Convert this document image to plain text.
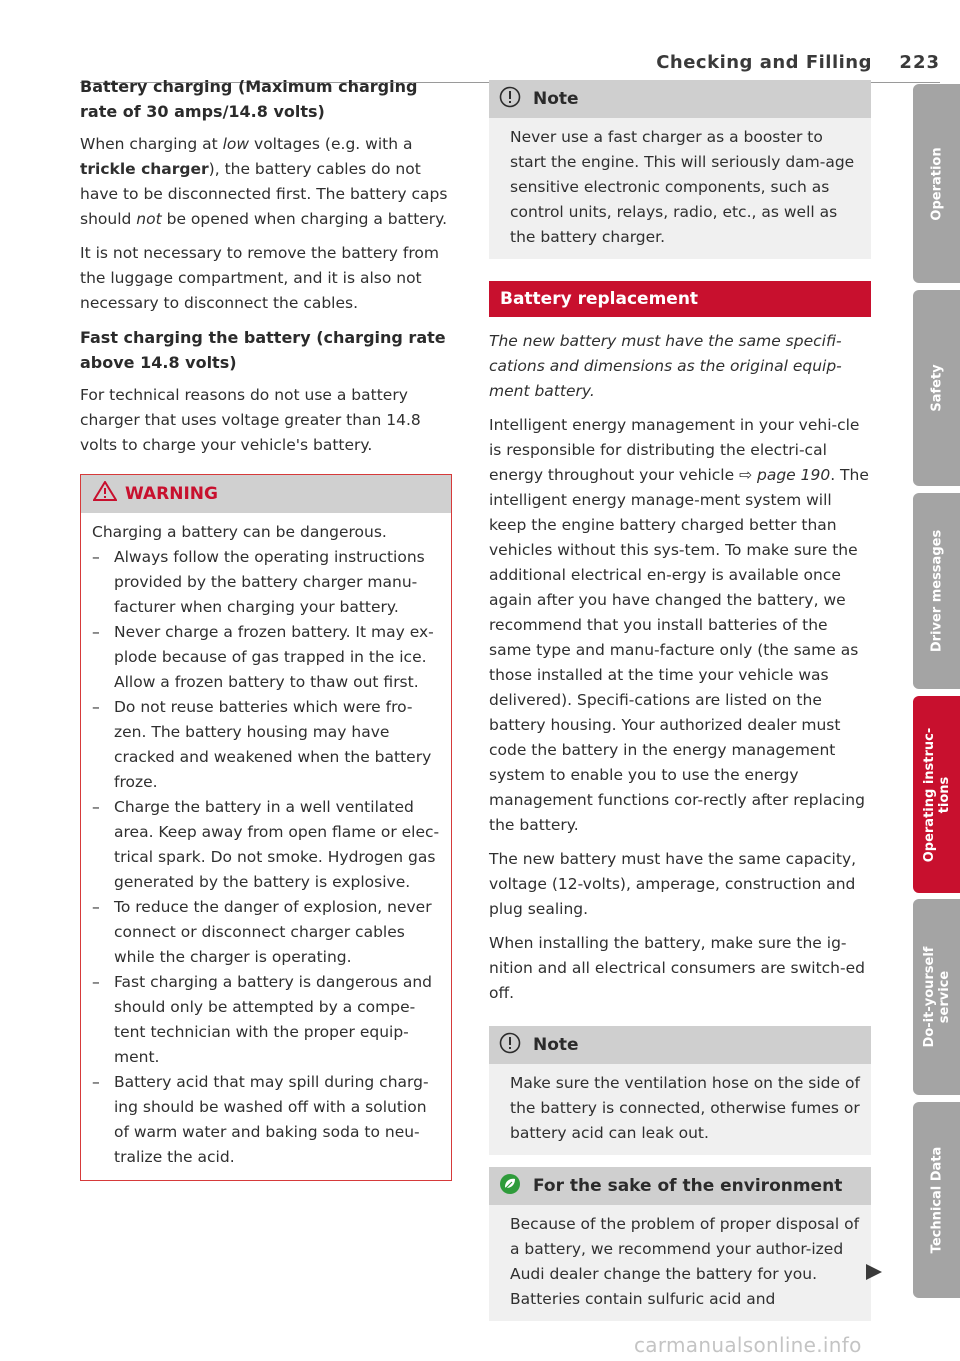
Checking and Filling 223
Battery charging (Maximum charging rate of 30 amps/14.8 volts)

When charging at low voltages (e.g. with a trickle charger), the battery cables do not have to be disconnected first. The battery caps should not be opened when charging a battery.

It is not necessary to remove the battery from the luggage compartment, and it is also not necessary to disconnect the cables.

Fast charging the battery (charging rate above 14.8 volts)

For technical reasons do not use a battery charger that uses voltage greater than 14.8 volts to charge your vehicle's battery.

WARNING

Charging a battery can be dangerous.

– Always follow the operating instructions provided by the battery charger manu-facturer when charging your battery.
– Never charge a frozen battery. It may ex-plode because of gas trapped in the ice. Allow a frozen battery to thaw out first.
– Do not reuse batteries which were fro-zen. The battery housing may have cracked and weakened when the battery froze.
– Charge the battery in a well ventilated area. Keep away from open flame or elec-trical spark. Do not smoke. Hydrogen gas generated by the battery is explosive.
– To reduce the danger of explosion, never connect or disconnect charger cables while the charger is operating.
– Fast charging a battery is dangerous and should only be attempted by a compe-tent technician with the proper equip-ment.
– Battery acid that may spill during charg-ing should be washed off with a solution of warm water and baking soda to neu-tralize the acid.
Note

Never use a fast charger as a booster to start the engine. This will seriously dam-age sensitive electronic components, such as control units, relays, radio, etc., as well as the battery charger.

Battery replacement

The new battery must have the same specifi-cations and dimensions as the original equip-ment battery.

Intelligent energy management in your vehi-cle is responsible for distributing the electri-cal energy throughout your vehicle ⇨ page 190. The intelligent energy manage-ment system will keep the engine battery charged better than vehicles without this sys-tem. To make sure the additional electrical en-ergy is available once again after you have changed the battery, we recommend that you install batteries of the same type and manu-facture only (the same as those installed at the time your vehicle was delivered). Specifi-cations are listed on the battery housing. Your authorized dealer must code the battery in the energy management system to enable you to use the energy management functions cor-rectly after replacing the battery.

The new battery must have the same capacity, voltage (12-volts), amperage, construction and plug sealing.

When installing the battery, make sure the ig-nition and all electrical consumers are switch-ed off.

Note

Make sure the ventilation hose on the side of the battery is connected, otherwise fumes or battery acid can leak out.

For the sake of the environment

Because of the problem of proper disposal of a battery, we recommend your author-ized Audi dealer change the battery for you. Batteries contain sulfuric acid and

Operation
Safety
Driver messages
Operating instruc-
tions
Do-it-yourself
service
Technical Data
carmanualsonline.info
